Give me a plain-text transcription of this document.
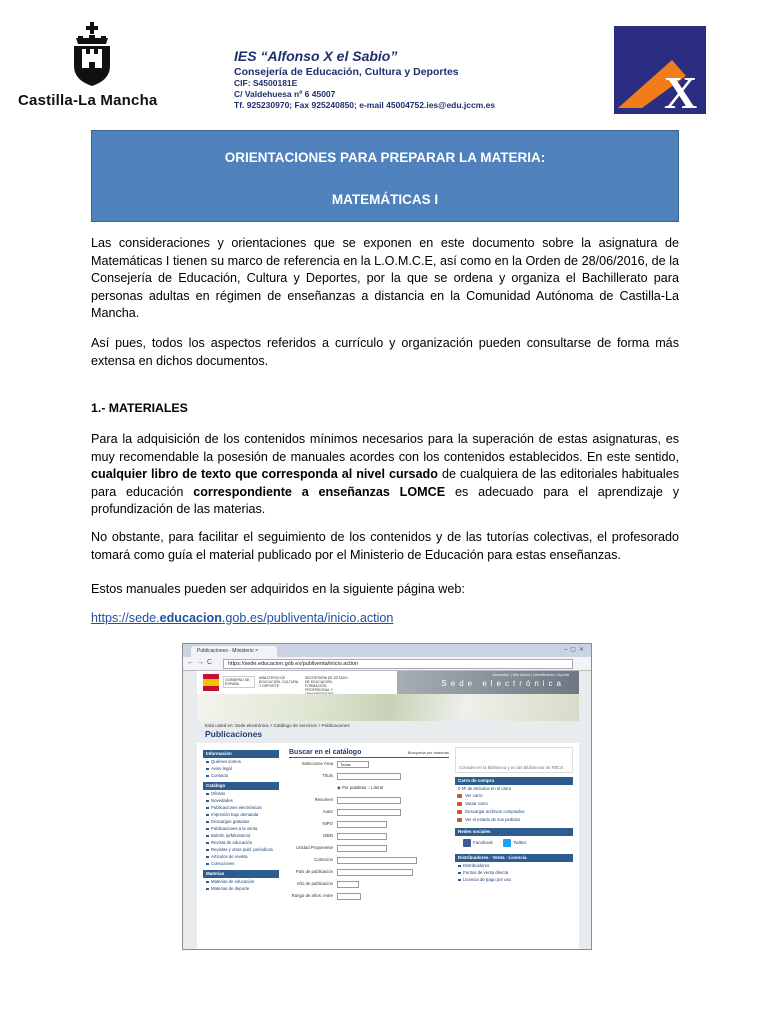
Castilla-La Mancha
IES “Alfonso X el Sabio”
Consejería de Educación, Cultura y Deportes
CIF: S4500181E
C/ Valdehuesa nº 6 45007
Tf. 925230970; Fax 925240850; e-mail 45004752.ies@edu.jccm.es	X
ORIENTACIONES PARA PREPARAR LA MATERIA:
MATEMÁTICAS I
Las consideraciones y orientaciones que se exponen en este documento sobre la asignatura de Matemáticas I tienen su marco de referencia en la L.O.M.C.E, así como en la Orden de 28/06/2016, de la Consejería de Educación, Cultura y Deportes, por la que se ordena y organiza el Bachillerato para personas adultas en régimen de enseñanzas a distancia en la Comunidad Autónoma de Castilla-La Mancha.
Así pues, todos los aspectos referidos a currículo y organización pueden consultarse de forma más extensa en dichos documentos.
1.- MATERIALES
Para la adquisición de los contenidos mínimos necesarios para la superación de estas asignaturas, es muy recomendable la posesión de manuales acordes con los contenidos establecidos. En este sentido, cualquier libro de texto que corresponda al nivel cursado de cualquiera de las editoriales habituales para educación correspondiente a enseñanzas LOMCE es adecuado para el aprendizaje y profundización de las materias.
No obstante, para facilitar el seguimiento de los contenidos y de las tutorías colectivas, el profesorado tomará como guía el material publicado por el Ministerio de Educación para estas enseñanzas.
Estos manuales pueden ser adquiridos en la siguiente página web:
https://sede.educacion.gob.es/publiventa/inicio.action
Publicaciones - Ministerio ×	–▢✕
←→C	https://sede.educacion.gob.es/publiventa/inicio.action
GOBIERNO DE ESPAÑA
MINISTERIO DE EDUCACIÓN, CULTURA Y DEPORTE
SECRETARÍA DE ESTADO DE EDUCACIÓN, FORMACIÓN PROFESIONAL Y
Accesible | Mis datos | Identificarse | Ayuda
Sede electrónica
Está usted en: Sede electrónica > Catálogo de servicios > Publicaciones
Publicaciones
Información
Quiénes somos
Aviso legal
Contacto
Catálogo
Ofertas
Novedades
Publicaciones electrónicas
Impresión bajo demanda
Descargas gratuitas
Publicaciones a la venta
Boletín (a/Ministerio)
Revista de educación
Revistas y otras publ. periódicas
Artículos de revista
Colecciones
Materias
Materias de educación
Materias de deporte
Buscar en el catálogo	Búsqueda por materias
Seleccione Área	Todas
Título
◉ Por palabras ○ Literal
Resumen
Autor
NIPO
ISBN
Unidad Proponente
Colección
País de publicación
Año de publicación
Rango de años: entre
Consulte en la Biblioteca y en las Bibliotecas de RBCE
Carro de compra
0 Nº de artículos en el carro
Ver carro
Vaciar carro
Descargar archivos comprados
Ver el estado de sus pedidos
Redes sociales
Facebook	Twitter
Distribuidores · Venta · Licencia
Distribuidores
Puntos de venta directa
Licencia de pago por uso
